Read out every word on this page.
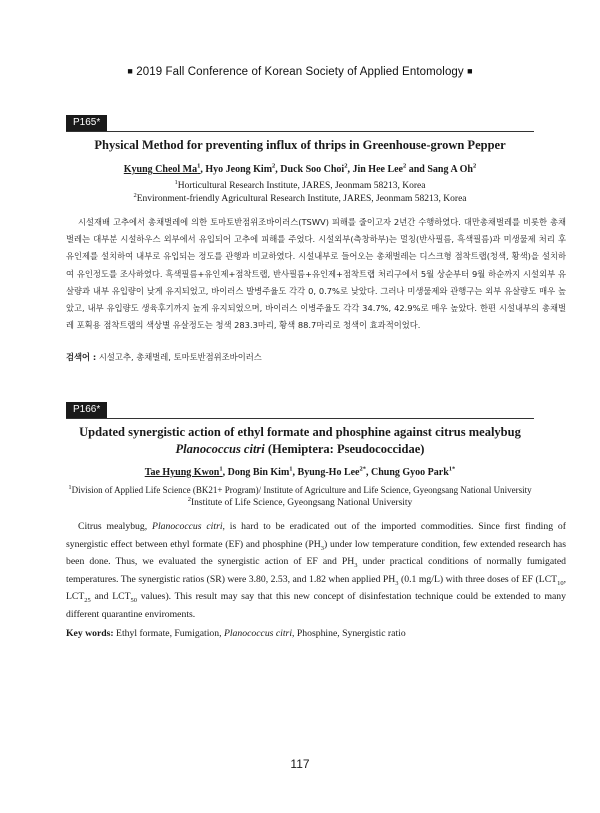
■ 2019 Fall Conference of Korean Society of Applied Entomology ■
P165*
Physical Method for preventing influx of thrips in Greenhouse-grown Pepper
Kyung Cheol Ma$^1$, Hyo Jeong Kim$^2$, Duck Soo Choi$^2$, Jin Hee Lee$^2$ and Sang A Oh$^2$
$^1$Horticultural Research Institute, JARES, Jeonmam 58213, Korea
$^2$Environment-friendly Agricultural Research Institute, JARES, Jeonmam 58213, Korea
시설재배 고추에서 총채벌레에 의한 토마토반점위조바이러스(TSWV) 피해를 줄이고자 2년간 수행하였다. 대만총채벌레를 비롯한 총채벌레는 대부분 시설하우스 외부에서 유입되어 고추에 피해를 주었다. 시설외부(측창하부)는 멀칭(반사필름, 흑색필름)과 미생물제 처리 후 유인제를 설치하여 내부로 유입되는 정도를 관행과 비교하였다. 시설내부로 들어오는 총채벌레는 디스크형 점착트랩(청색, 황색)을 설치하여 유인정도를 조사하였다. 흑색필름+유인제+점착트랩, 반사필름+유인제+점착트랩 처리구에서 5월 상순부터 9월 하순까지 시설외부 유살량과 내부 유입량이 낮게 유지되었고, 바이러스 발병주율도 각각 0, 0.7%로 낮았다. 그러나 미생물제와 관행구는 외부 유살량도 매우 높았고, 내부 유입량도 생육후기까지 높게 유지되었으며, 바이러스 이병주율도 각각 34.7%, 42.9%로 매우 높았다. 한편 시설내부의 총채벌레 포획용 점착트랩의 색상별 유살정도는 청색 283.3마리, 황색 88.7마리로 청색이 효과적이었다.
검색어 : 시설고추, 총채벌레, 토마토반점위조바이러스
P166*
Updated synergistic action of ethyl formate and phosphine against citrus mealybug
Planococcus citri (Hemiptera: Pseudococcidae)
Tae Hyung Kwon$^1$, Dong Bin Kim$^1$, Byung-Ho Lee$^{2*}$, Chung Gyoo Park$^{1*}$
$^1$Division of Applied Life Science (BK21+ Program)/ Institute of Agriculture and Life Science, Gyeongsang National University
$^2$Institute of Life Science, Gyeongsang National University
Citrus mealybug, Planococcus citri, is hard to be eradicated out of the imported commodities. Since first finding of synergistic effect between ethyl formate (EF) and phosphine $(PH_3)$ under low temperature condition, few extended research has been done. Thus, we evaluated the synergistic action of EF and $PH_3$ under practical conditions of normally fumigated temperatures. The synergistic ratios (SR) were 3.80, 2.53, and 1.82 when applied $PH_3$ (0.1 mg/L) with three doses of EF ($LCT_{10}$, $LCT_{25}$ and $LCT_{50}$ values). This result may say that this new concept of disinfestation technique could be extended to many different quarantine enviroments.
Key words: Ethyl formate, Fumigation, Planococcus citri, Phosphine, Synergistic ratio
117
